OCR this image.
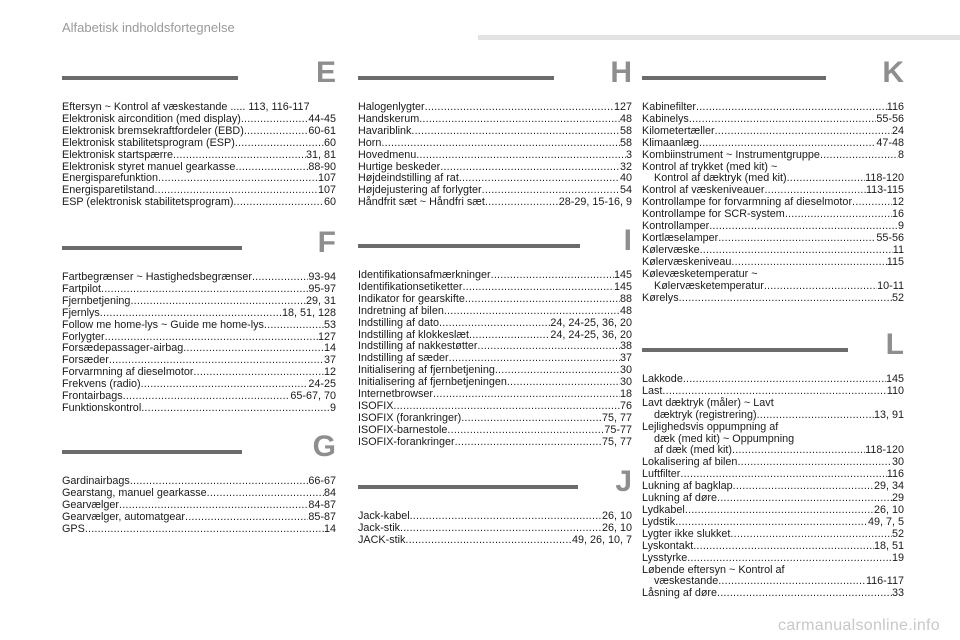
Alfabetisk indholdsfortegnelse
E
Eftersyn ~ Kontrol af væskestande ..... 113, 116-117
Elektronisk aircondition (med display) .....	44-45
Elektronisk bremsekraftfordeler (EBD) .....	60-61
Elektronisk stabilitetsprogram (ESP) .....	60
Elektronisk startspærre .....	31, 81
Elektronisk styret manuel gearkasse .....	88-90
Energisparefunktion .....	107
Energisparetilstand .....	107
ESP (elektronisk stabilitetsprogram) .....	60
F
Fartbegrænser ~ Hastighedsbegrænser .....	93-94
Fartpilot .....	95-97
Fjernbetjening .....	29, 31
Fjernlys .....	18, 51, 128
Follow me home-lys ~ Guide me home-lys .....	53
Forlygter .....	127
Forsædepassager-airbag .....	14
Forsæder .....	37
Forvarmning af dieselmotor .....	12
Frekvens (radio) .....	24-25
Frontairbags .....	65-67, 70
Funktionskontrol .....	9
G
Gardinairbags .....	66-67
Gearstang, manuel gearkasse .....	84
Gearvælger .....	84-87
Gearvælger, automatgear .....	85-87
GPS .....	14
H
Halogenlygter .....	127
Handskerum .....	48
Havariblink .....	58
Horn .....	58
Hovedmenu .....	3
Hurtige beskeder .....	32
Højdeindstilling af rat .....	40
Højdejustering af forlygter .....	54
Håndfrit sæt ~ Håndfri sæt .....	28-29, 15-16, 9
I
Identifikationsafmærkninger .....	145
Identifikationsetiketter .....	145
Indikator for gearskifte .....	88
Indretning af bilen .....	48
Indstilling af dato .....	24, 24-25, 36, 20
Indstilling af klokkeslæt .....	24, 24-25, 36, 20
Indstilling af nakkestøtter .....	38
Indstilling af sæder .....	37
Initialisering af fjernbetjening .....	30
Initialisering af fjernbetjeningen .....	30
Internetbrowser .....	18
ISOFIX .....	76
ISOFIX (forankringer) .....	75, 77
ISOFIX-barnestole .....	75-77
ISOFIX-forankringer .....	75, 77
J
Jack-kabel .....	26, 10
Jack-stik .....	26, 10
JACK-stik .....	49, 26, 10, 7
K
Kabinefilter .....	116
Kabinelys .....	55-56
Kilometertæller .....	24
Klimaanlæg .....	47-48
Kombiinstrument ~ Instrumentgruppe .....	8
Kontrol af trykket (med kit) ~
Kontrol af dæktryk (med kit) .....	118-120
Kontrol af væskeniveauer .....	113-115
Kontrollampe for forvarmning af dieselmotor .....	12
Kontrollampe for SCR-system .....	16
Kontrollamper .....	9
Kortlæselamper .....	55-56
Kølervæske .....	11
Kølervæskeniveau .....	115
Kølevæsketemperatur ~
Kølervæsketemperatur .....	10-11
Kørelys .....	52
L
Lakkode .....	145
Last .....	110
Lavt dæktryk (måler) ~ Lavt
dæktryk (registrering) .....	13, 91
Lejlighedsvis oppumpning af
dæk (med kit) ~ Oppumpning
af dæk (med kit) .....	118-120
Lokalisering af bilen .....	30
Luftfilter .....	116
Lukning af bagklap .....	29, 34
Lukning af døre .....	29
Lydkabel .....	26, 10
Lydstik .....	49, 7, 5
Lygter ikke slukket .....	52
Lyskontakt .....	18, 51
Lysstyrke .....	19
Løbende eftersyn ~ Kontrol af
væskestande .....	116-117
Låsning af døre .....	33
carmanualsonline.info
